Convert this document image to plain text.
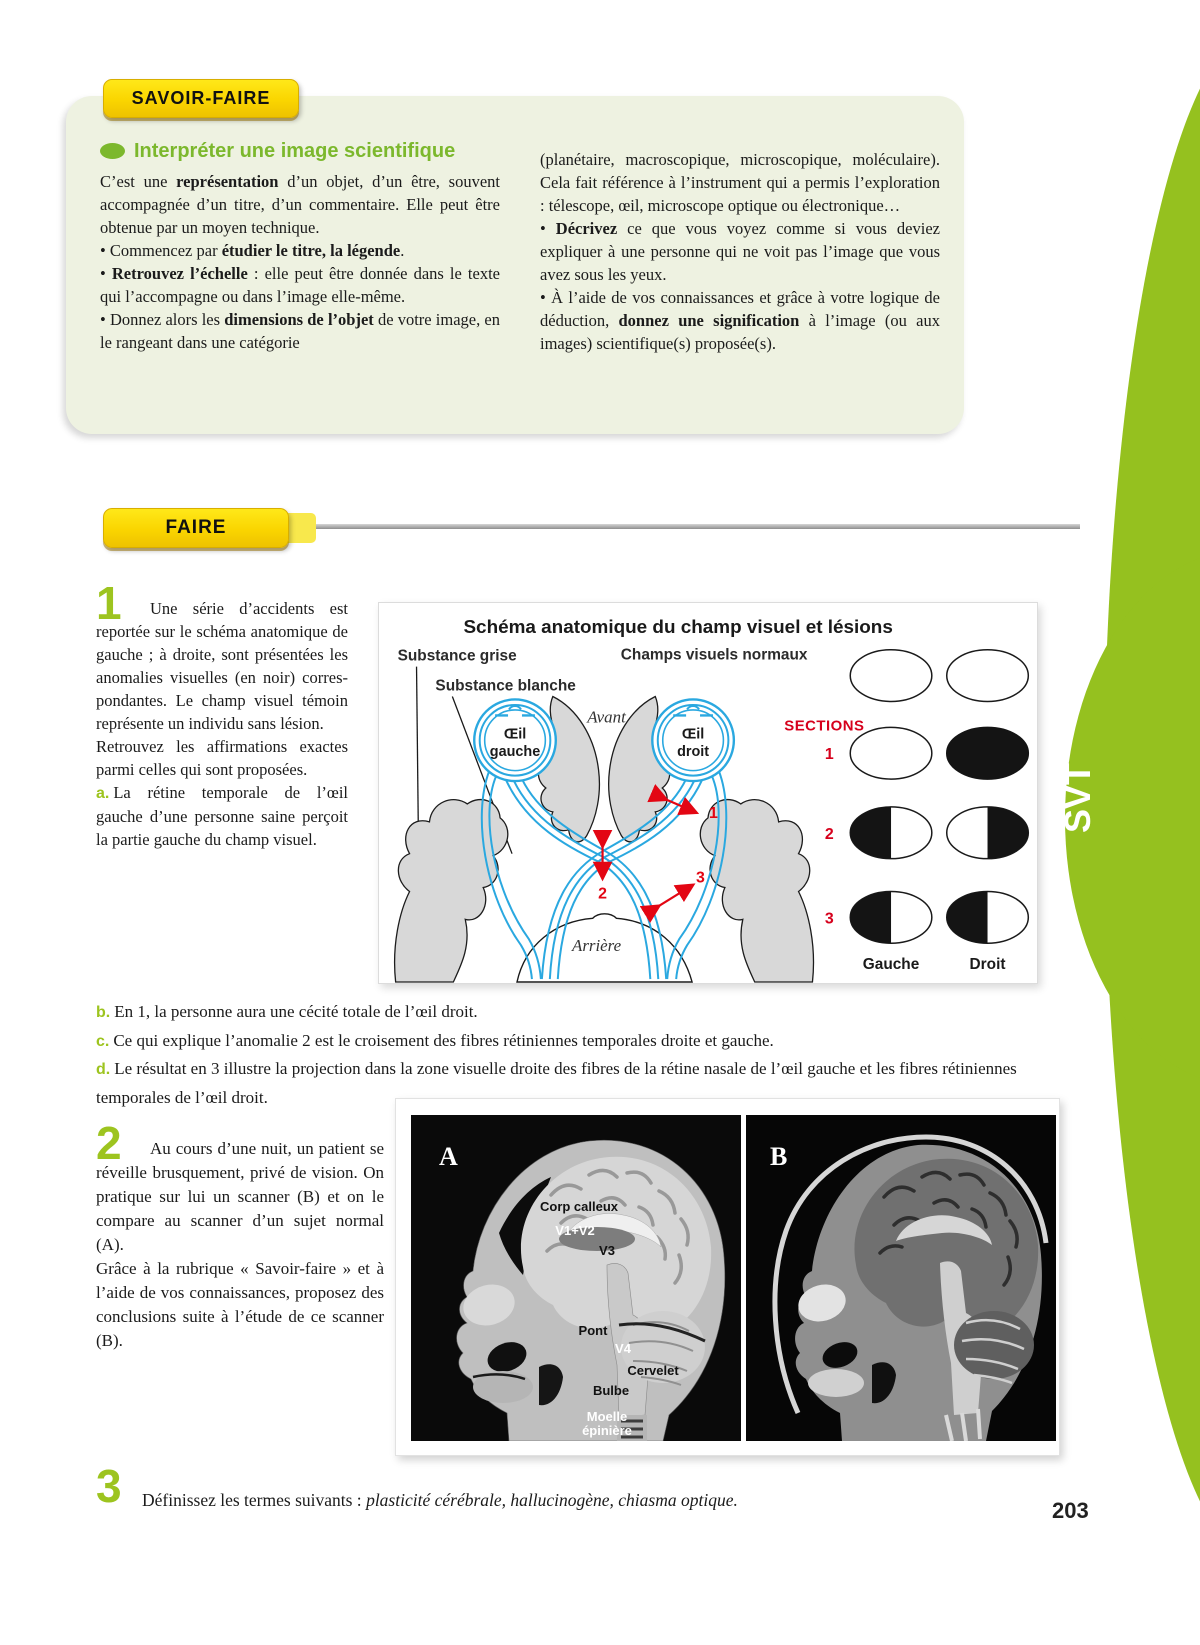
SVT
Interpréter une image scientifique

C’est une représentation d’un objet, d’un être, souvent accompagnée d’un titre, d’un commentaire. Elle peut être obtenue par un moyen technique.

• Commencez par étudier le titre, la légende.

• Retrouvez l’échelle : elle peut être donnée dans le texte qui l’accompagne ou dans l’image elle-même.

• Donnez alors les dimensions de l’objet de votre image, en le rangeant dans une catégorie

(planétaire, macroscopique, microscopique, moléculaire). Cela fait référence à l’instrument qui a permis l’exploration : télescope, œil, microscope optique ou électronique…

• Décrivez ce que vous voyez comme si vous deviez expliquer à une personne qui ne voit pas l’image que vous avez sous les yeux.

• À l’aide de vos connaissances et grâce à votre logique de déduction, donnez une signification à l’image (ou aux images) scientifique(s) proposée(s).

SAVOIR-FAIRE
FAIRE
1	Une série d’accidents est reportée sur le schéma anatomique de gauche ; à droite, sont présentées les anomalies visuelles (en noir) correspondantes. Le champ visuel témoin représente un individu sans lésion.

Retrouvez les affirmations exactes parmi celles qui sont proposées.

a. La rétine temporale de l’œil gauche d’une personne saine perçoit la partie gauche du champ visuel.

Schéma anatomique du champ visuel et lésions
Œil
gauche
Œil
droit
1
2
3
Substance grise
Substance blanche
Avant
Arrière
Champs visuels normaux
SECTIONS
1
2
3
Gauche	Droit

b. En 1, la personne aura une cécité totale de l’œil droit.

c. Ce qui explique l’anomalie 2 est le croisement des fibres rétiniennes temporales droite et gauche.

d. Le résultat en 3 illustre la projection dans la zone visuelle droite des fibres de la rétine nasale de l’œil gauche et les fibres rétiniennes temporales de l’œil droit.

2	Au cours d’une nuit, un patient se réveille brusquement, privé de vision. On pratique sur lui un scanner (B) et on le compare au scanner d’un sujet normal (A).

Grâce à la rubrique « Savoir-faire » et à l’aide de vos connaissances, proposez des conclusions suite à l’étude de ce scanner (B).

A
Corp calleux
V1+V2
V3
Pont
V4
Cervelet
Bulbe
Moelle
épinière
B
3 Définissez les termes suivants : plasticité cérébrale, hallucinogène, chiasma optique.	203
